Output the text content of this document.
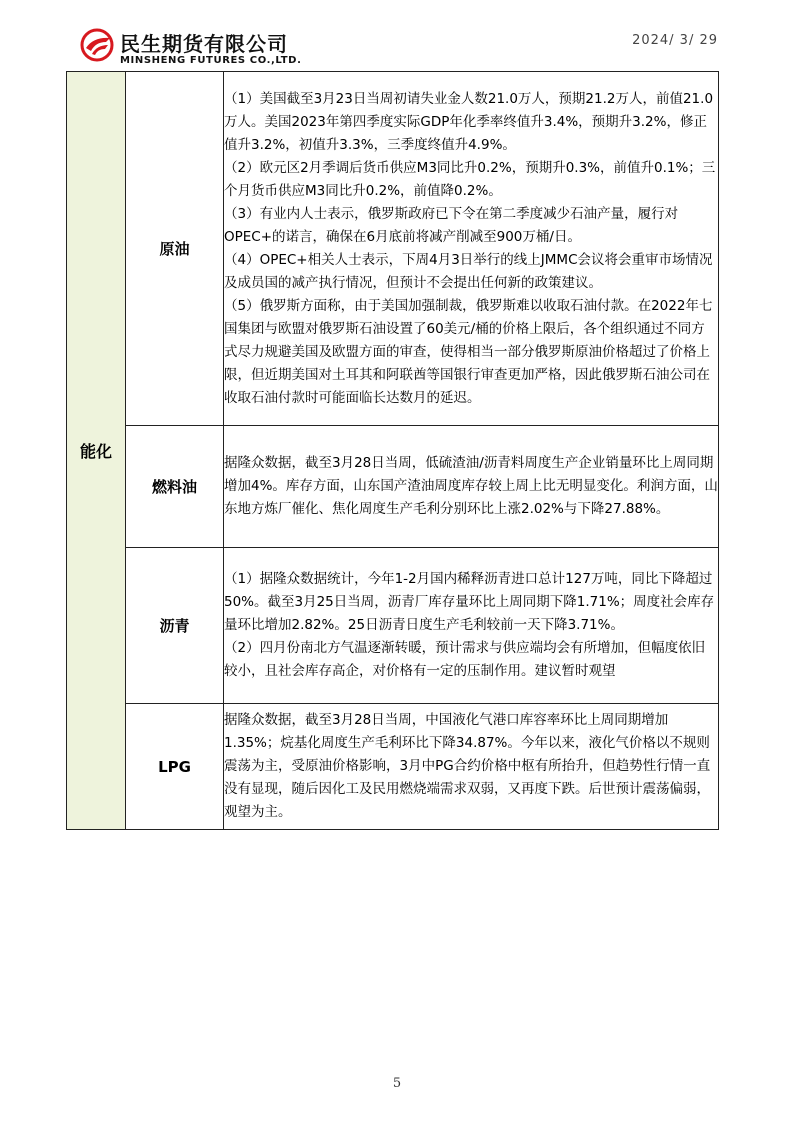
民生期货有限公司
MINSHENG FUTURES CO.,LTD.
2024/ 3/ 29
能化	原油	（1）美国截至3月23日当周初请失业金人数21.0万人，预期21.2万人，前值21.0万人。美国2023年第四季度实际GDP年化季率终值升3.4%，预期升3.2%，修正值升3.2%，初值升3.3%，三季度终值升4.9%。

（2）欧元区2月季调后货币供应M3同比升0.2%，预期升0.3%，前值升0.1%；三个月货币供应M3同比升0.2%，前值降0.2%。

（3）有业内人士表示，俄罗斯政府已下令在第二季度减少石油产量，履行对OPEC+的诺言，确保在6月底前将减产削减至900万桶/日。

（4）OPEC+相关人士表示，下周4月3日举行的线上JMMC会议将会重审市场情况及成员国的减产执行情况，但预计不会提出任何新的政策建议。

（5）俄罗斯方面称，由于美国加强制裁，俄罗斯难以收取石油付款。在2022年七国集团与欧盟对俄罗斯石油设置了60美元/桶的价格上限后，各个组织通过不同方式尽力规避美国及欧盟方面的审查，使得相当一部分俄罗斯原油价格超过了价格上限，但近期美国对土耳其和阿联酋等国银行审查更加严格，因此俄罗斯石油公司在收取石油付款时可能面临长达数月的延迟。

	燃料油	据隆众数据，截至3月28日当周，低硫渣油/沥青料周度生产企业销量环比上周同期增加4%。库存方面，山东国产渣油周度库存较上周上比无明显变化。利润方面，山东地方炼厂催化、焦化周度生产毛利分别环比上涨2.02%与下降27.88%。

	沥青	（1）据隆众数据统计，今年1-2月国内稀释沥青进口总计127万吨，同比下降超过50%。截至3月25日当周，沥青厂库存量环比上周同期下降1.71%；周度社会库存量环比增加2.82%。25日沥青日度生产毛利较前一天下降3.71%。

（2）四月份南北方气温逐渐转暖，预计需求与供应端均会有所增加，但幅度依旧较小，且社会库存高企，对价格有一定的压制作用。建议暂时观望

	LPG	据隆众数据，截至3月28日当周，中国液化气港口库容率环比上周同期增加1.35%；烷基化周度生产毛利环比下降34.87%。今年以来，液化气价格以不规则震荡为主，受原油价格影响，3月中PG合约价格中枢有所抬升，但趋势性行情一直没有显现，随后因化工及民用燃烧端需求双弱，又再度下跌。后世预计震荡偏弱，观望为主。

5
